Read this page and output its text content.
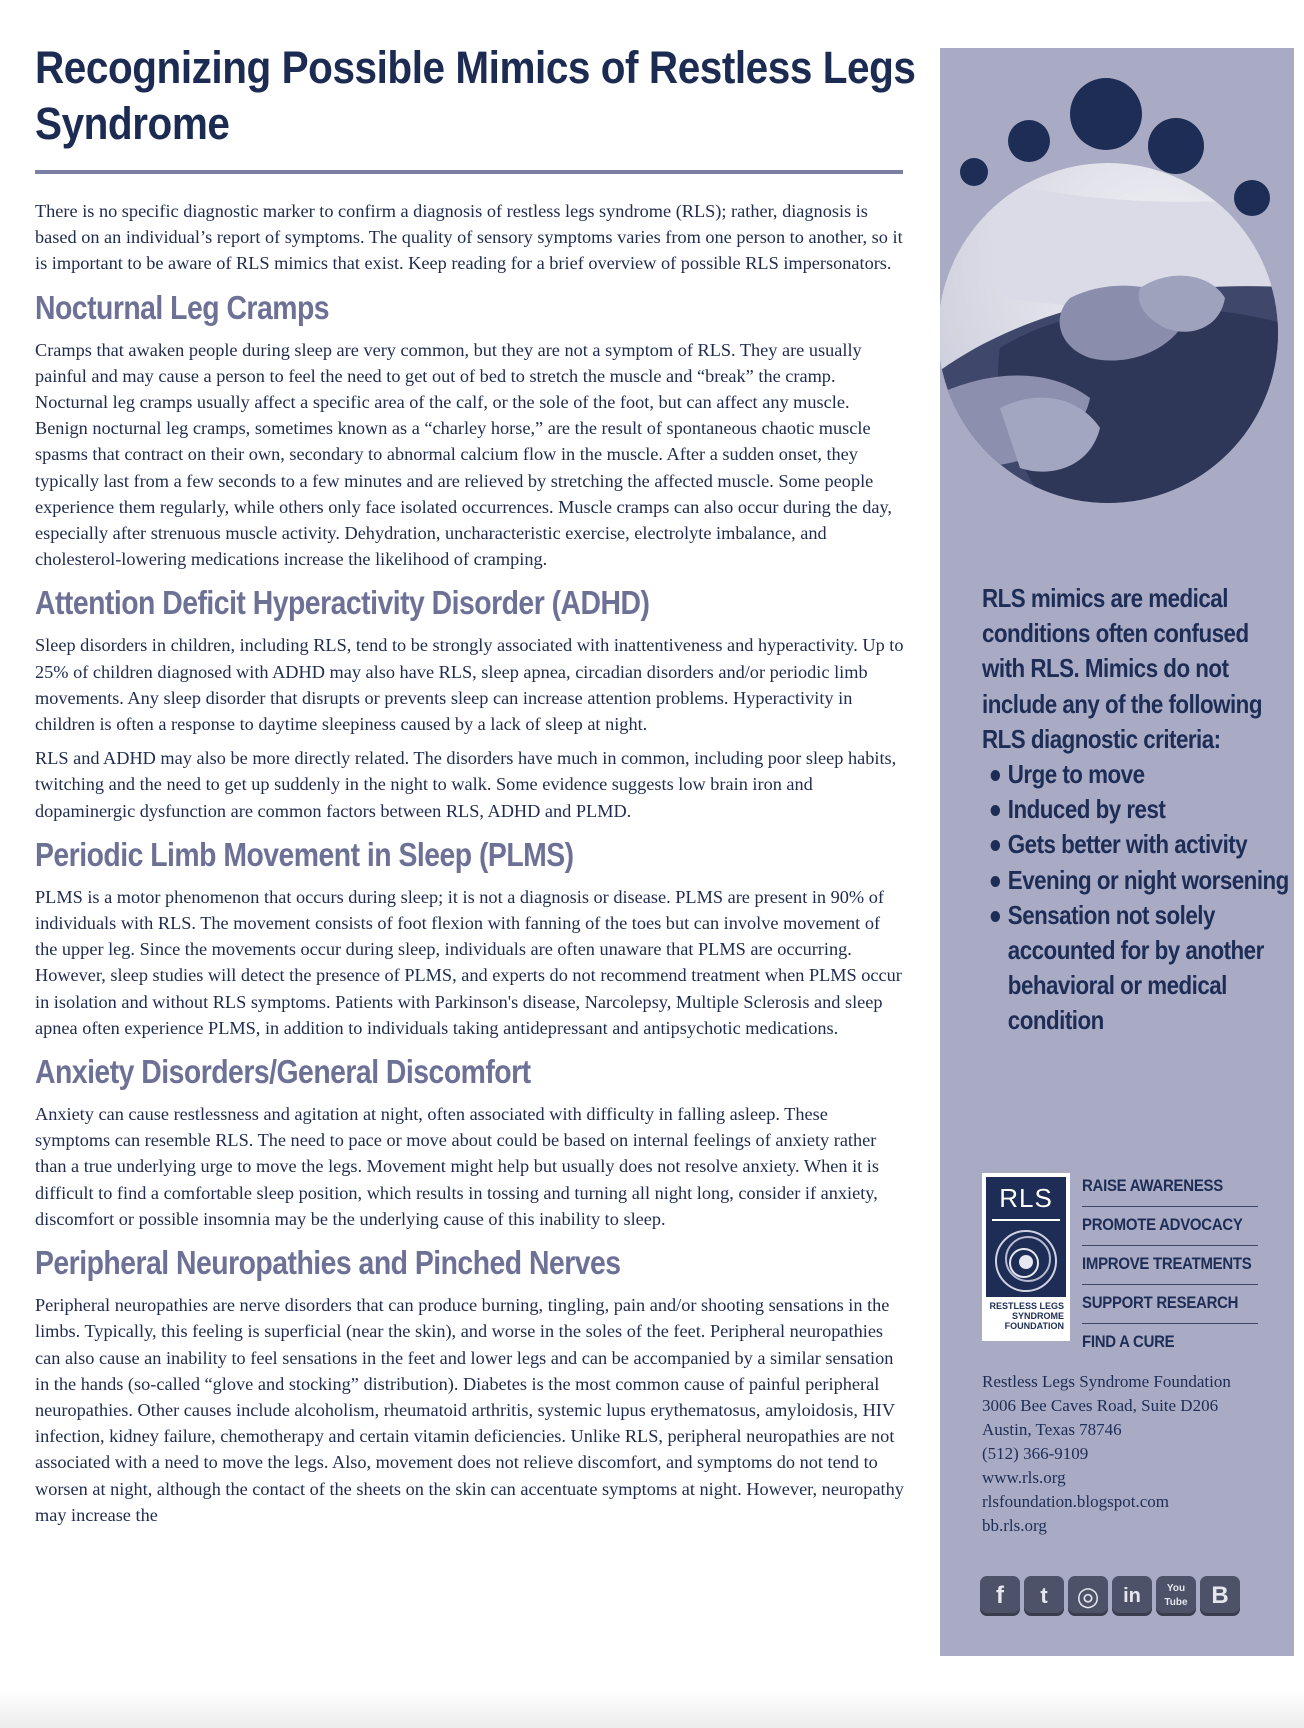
Recognizing Possible Mimics of Restless Legs Syndrome

There is no specific diagnostic marker to confirm a diagnosis of restless legs syndrome (RLS); rather, diagnosis is based on an individual’s report of symptoms. The quality of sensory symptoms varies from one person to another, so it is important to be aware of RLS mimics that exist. Keep reading for a brief overview of possible RLS impersonators.

Nocturnal Leg Cramps

Cramps that awaken people during sleep are very common, but they are not a symptom of RLS. They are usually painful and may cause a person to feel the need to get out of bed to stretch the muscle and “break” the cramp. Nocturnal leg cramps usually affect a specific area of the calf, or the sole of the foot, but can affect any muscle. Benign nocturnal leg cramps, sometimes known as a “charley horse,” are the result of spontaneous chaotic muscle spasms that contract on their own, secondary to abnormal calcium flow in the muscle. After a sudden onset, they typically last from a few seconds to a few minutes and are relieved by stretching the affected muscle. Some people experience them regularly, while others only face isolated occurrences. Muscle cramps can also occur during the day, especially after strenuous muscle activity. Dehydration, uncharacteristic exercise, electrolyte imbalance, and cholesterol-lowering medications increase the likelihood of cramping.

Attention Deficit Hyperactivity Disorder (ADHD)

Sleep disorders in children, including RLS, tend to be strongly associated with inattentiveness and hyperactivity. Up to 25% of children diagnosed with ADHD may also have RLS, sleep apnea, circadian disorders and/or periodic limb movements. Any sleep disorder that disrupts or prevents sleep can increase attention problems. Hyperactivity in children is often a response to daytime sleepiness caused by a lack of sleep at night.

RLS and ADHD may also be more directly related. The disorders have much in common, including poor sleep habits, twitching and the need to get up suddenly in the night to walk. Some evidence suggests low brain iron and dopaminergic dysfunction are common factors between RLS, ADHD and PLMD.

Periodic Limb Movement in Sleep (PLMS)

PLMS is a motor phenomenon that occurs during sleep; it is not a diagnosis or disease. PLMS are present in 90% of individuals with RLS. The movement consists of foot flexion with fanning of the toes but can involve movement of the upper leg. Since the movements occur during sleep, individuals are often unaware that PLMS are occurring. However, sleep studies will detect the presence of PLMS, and experts do not recommend treatment when PLMS occur in isolation and without RLS symptoms. Patients with Parkinson's disease, Narcolepsy, Multiple Sclerosis and sleep apnea often experience PLMS, in addition to individuals taking antidepressant and antipsychotic medications.

Anxiety Disorders/General Discomfort

Anxiety can cause restlessness and agitation at night, often associated with difficulty in falling asleep. These symptoms can resemble RLS. The need to pace or move about could be based on internal feelings of anxiety rather than a true underlying urge to move the legs. Movement might help but usually does not resolve anxiety. When it is difficult to find a comfortable sleep position, which results in tossing and turning all night long, consider if anxiety, discomfort or possible insomnia may be the underlying cause of this inability to sleep.

Peripheral Neuropathies and Pinched Nerves

Peripheral neuropathies are nerve disorders that can produce burning, tingling, pain and/or shooting sensations in the limbs. Typically, this feeling is superficial (near the skin), and worse in the soles of the feet. Peripheral neuropathies can also cause an inability to feel sensations in the feet and lower legs and can be accompanied by a similar sensation in the hands (so-called “glove and stocking” distribution). Diabetes is the most common cause of painful peripheral neuropathies. Other causes include alcoholism, rheumatoid arthritis, systemic lupus erythematosus, amyloidosis, HIV infection, kidney failure, chemotherapy and certain vitamin deficiencies. Unlike RLS, peripheral neuropathies are not associated with a need to move the legs. Also, movement does not relieve discomfort, and symptoms do not tend to worsen at night, although the contact of the sheets on the skin can accentuate symptoms at night. However, neuropathy may increase the

RLS mimics are medical conditions often confused with RLS. Mimics do not include any of the following RLS diagnostic criteria:
Urge to move
Induced by rest
Gets better with activity
Evening or night worsening
Sensation not solely accounted for by another behavioral or medical condition
RLS
RESTLESS LEGS SYNDROME FOUNDATION
RAISE AWARENESS
PROMOTE ADVOCACY
IMPROVE TREATMENTS
SUPPORT RESEARCH
FIND A CURE
Restless Legs Syndrome Foundation
3006 Bee Caves Road, Suite D206
Austin, Texas 78746
(512) 366-9109
www.rls.org
rlsfoundation.blogspot.com
bb.rls.org
f	t	◎	in	You Tube B
